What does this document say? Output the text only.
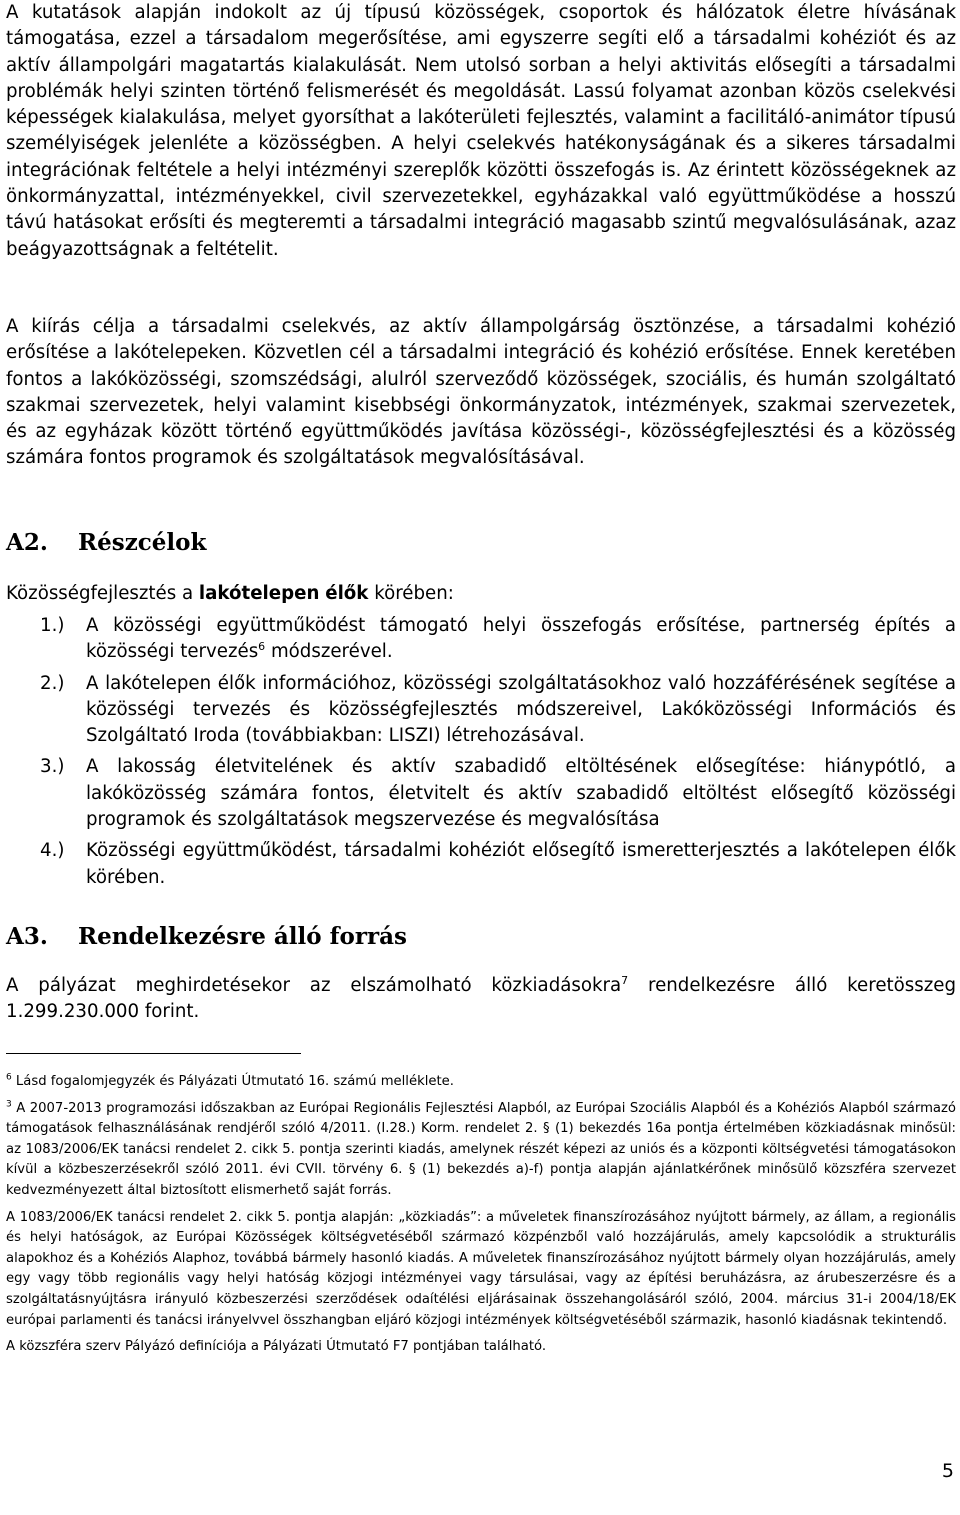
A kutatások alapján indokolt az új típusú közösségek, csoportok és hálózatok életre hívásának támogatása, ezzel a társadalom megerősítése, ami egyszerre segíti elő a társadalmi kohéziót és az aktív állampolgári magatartás kialakulását. Nem utolsó sorban a helyi aktivitás elősegíti a társadalmi problémák helyi szinten történő felismerését és megoldását. Lassú folyamat azonban közös cselekvési képességek kialakulása, melyet gyorsíthat a lakóterületi fejlesztés, valamint a facilitáló-animátor típusú személyiségek jelenléte a közösségben. A helyi cselekvés hatékonyságának és a sikeres társadalmi integrációnak feltétele a helyi intézményi szereplők közötti összefogás is. Az érintett közösségeknek az önkormányzattal, intézményekkel, civil szervezetekkel, egyházakkal való együttműködése a hosszú távú hatásokat erősíti és megteremti a társadalmi integráció magasabb szintű megvalósulásának, azaz beágyazottságnak a feltételit.

A kiírás célja a társadalmi cselekvés, az aktív állampolgárság ösztönzése, a társadalmi kohézió erősítése a lakótelepeken. Közvetlen cél a társadalmi integráció és kohézió erősítése. Ennek keretében fontos a lakóközösségi, szomszédsági, alulról szerveződő közösségek, szociális, és humán szolgáltató szakmai szervezetek, helyi valamint kisebbségi önkormányzatok, intézmények, szakmai szervezetek, és az egyházak között történő együttműködés javítása közösségi-, közösségfejlesztési és a közösség számára fontos programok és szolgáltatások megvalósításával.

A2. Részcélok

Közösségfejlesztés a lakótelepen élők körében:

1.) A közösségi együttműködést támogató helyi összefogás erősítése, partnerség építés a közösségi tervezés$^6$ módszerével.
2.) A lakótelepen élők információhoz, közösségi szolgáltatásokhoz való hozzáférésének segítése a közösségi tervezés és közösségfejlesztés módszereivel, Lakóközösségi Információs és Szolgáltató Iroda (továbbiakban: LISZI) létrehozásával.
3.) A lakosság életvitelének és aktív szabadidő eltöltésének elősegítése: hiánypótló, a lakóközösség számára fontos, életvitelt és aktív szabadidő eltöltést elősegítő közösségi programok és szolgáltatások megszervezése és megvalósítása
4.) Közösségi együttműködést, társadalmi kohéziót elősegítő ismeretterjesztés a lakótelepen élők körében.
A3. Rendelkezésre álló forrás

A pályázat meghirdetésekor az elszámolható közkiadásokra$^7$ rendelkezésre álló keretösszeg 1.299.230.000 forint.

$^6$ Lásd fogalomjegyzék és Pályázati Útmutató 16. számú melléklete.

$^3$ A 2007-2013 programozási időszakban az Európai Regionális Fejlesztési Alapból, az Európai Szociális Alapból és a Kohéziós Alapból származó támogatások felhasználásának rendjéről szóló 4/2011. (I.28.) Korm. rendelet 2. § (1) bekezdés 16a pontja értelmében közkiadásnak minősül: az 1083/2006/EK tanácsi rendelet 2. cikk 5. pontja szerinti kiadás, amelynek részét képezi az uniós és a központi költségvetési támogatásokon kívül a közbeszerzésekről szóló 2011. évi CVII. törvény 6. § (1) bekezdés a)-f) pontja alapján ajánlatkérőnek minősülő közszféra szervezet kedvezményezett által biztosított elismerhető saját forrás.

A 1083/2006/EK tanácsi rendelet 2. cikk 5. pontja alapján: „közkiadás”: a műveletek finanszírozásához nyújtott bármely, az állam, a regionális és helyi hatóságok, az Európai Közösségek költségvetéséből származó közpénzből való hozzájárulás, amely kapcsolódik a strukturális alapokhoz és a Kohéziós Alaphoz, továbbá bármely hasonló kiadás. A műveletek finanszírozásához nyújtott bármely olyan hozzájárulás, amely egy vagy több regionális vagy helyi hatóság közjogi intézményei vagy társulásai, vagy az építési beruházásra, az árubeszerzésre és a szolgáltatásnyújtásra irányuló közbeszerzési szerződések odaítélési eljárásainak összehangolásáról szóló, 2004. március 31-i 2004/18/EK európai parlamenti és tanácsi irányelvvel összhangban eljáró közjogi intézmények költségvetéséből származik, hasonló kiadásnak tekintendő.

A közszféra szerv Pályázó definíciója a Pályázati Útmutató F7 pontjában található.

5
